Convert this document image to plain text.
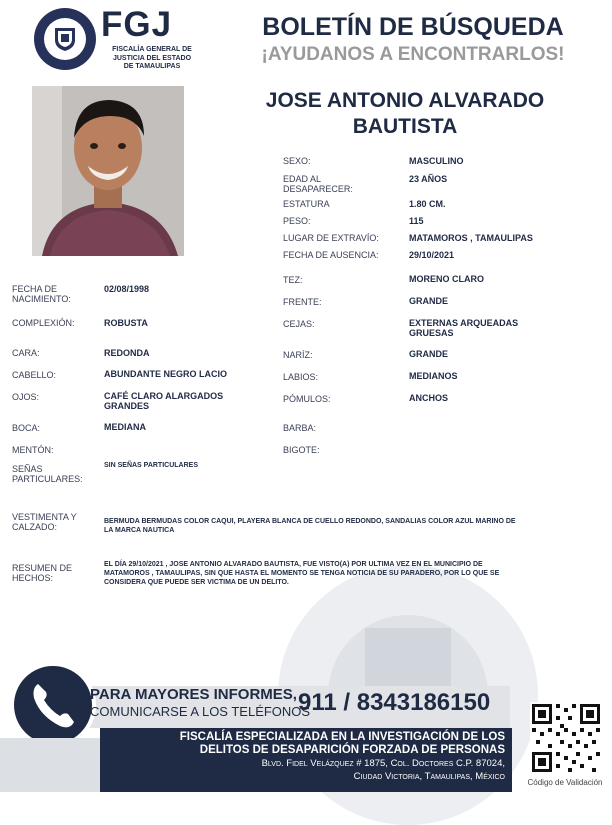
FGJ
FISCALÍA GENERAL DE
JUSTICIA DEL ESTADO
DE TAMAULIPAS
BOLETÍN DE BÚSQUEDA
¡AYUDANOS A ENCONTRARLOS!
JOSE ANTONIO ALVARADO
BAUTISTA
SEXO:	MASCULINO
EDAD AL
DESAPARECER:
23 AÑOS
ESTATURA	1.80 CM.
PESO:	115
LUGAR DE EXTRAVÍO:	MATAMOROS , TAMAULIPAS
FECHA DE AUSENCIA:	29/10/2021
TEZ:	MORENO CLARO
FRENTE:	GRANDE
CEJAS:	EXTERNAS ARQUEADAS
GRUESAS
NARÍZ:	GRANDE
LABIOS:	MEDIANOS
PÓMULOS:	ANCHOS
BARBA:
BIGOTE:
FECHA DE
NACIMIENTO:
02/08/1998
COMPLEXIÓN:	ROBUSTA
CARA:	REDONDA
CABELLO:	ABUNDANTE NEGRO LACIO
OJOS:	CAFÉ CLARO ALARGADOS
GRANDES
BOCA:	MEDIANA
MENTÓN:
SEÑAS
PARTICULARES:
SIN SEÑAS PARTICULARES
VESTIMENTA Y
CALZADO:
BERMUDA BERMUDAS COLOR CAQUI, PLAYERA BLANCA DE CUELLO REDONDO, SANDALIAS COLOR AZUL MARINO DE
LA MARCA NAUTICA
RESUMEN DE
HECHOS:
EL DÍA 29/10/2021 , JOSE ANTONIO ALVARADO BAUTISTA, FUE VISTO(A) POR ULTIMA VEZ EN EL MUNICIPIO DE
MATAMOROS , TAMAULIPAS, SIN QUE HASTA EL MOMENTO SE TENGA NOTICIA DE SU PARADERO, POR LO QUE SE
CONSIDERA QUE PUEDE SER VICTIMA DE UN DELITO.
PARA MAYORES INFORMES,
COMUNICARSE A LOS TELÉFONOS
911 / 8343186150
FISCALÍA ESPECIALIZADA EN LA INVESTIGACIÓN DE LOS
DELITOS DE DESAPARICIÓN FORZADA DE PERSONAS
Blvd. Fidel Velázquez # 1875, Col. Doctores C.P. 87024,
Ciudad Victoria, Tamaulipas, México
Código de Validación
